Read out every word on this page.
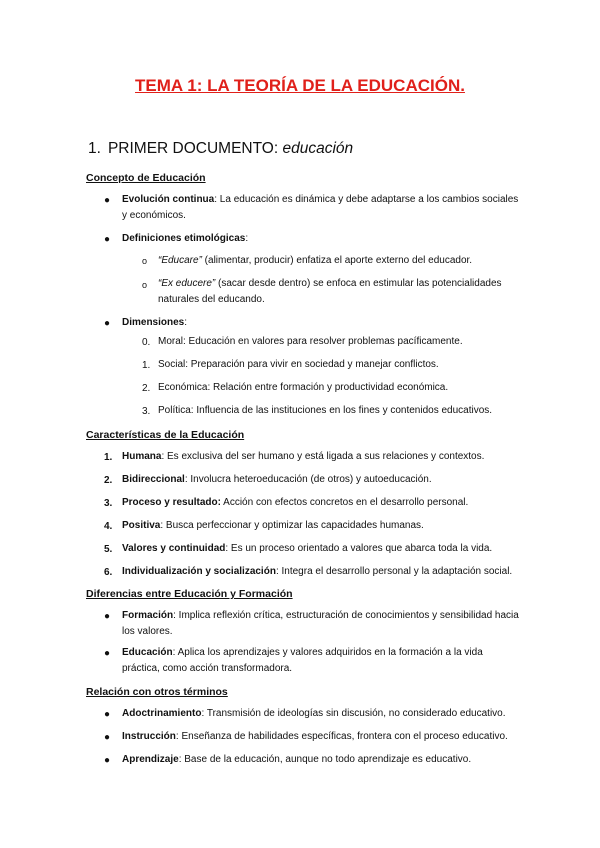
TEMA 1: LA TEORÍA DE LA EDUCACIÓN.
1. PRIMER DOCUMENTO: educación
Concepto de Educación
● Evolución continua: La educación es dinámica y debe adaptarse a los cambios sociales y económicos.
● Definiciones etimológicas:
o “Educare” (alimentar, producir) enfatiza el aporte externo del educador.
o “Ex educere” (sacar desde dentro) se enfoca en estimular las potencialidades naturales del educando.
● Dimensiones:
0. Moral: Educación en valores para resolver problemas pacíficamente.
1. Social: Preparación para vivir en sociedad y manejar conflictos.
2. Económica: Relación entre formación y productividad económica.
3. Política: Influencia de las instituciones en los fines y contenidos educativos.
Características de la Educación
1. Humana: Es exclusiva del ser humano y está ligada a sus relaciones y contextos.
2. Bidireccional: Involucra heteroeducación (de otros) y autoeducación.
3. Proceso y resultado: Acción con efectos concretos en el desarrollo personal.
4. Positiva: Busca perfeccionar y optimizar las capacidades humanas.
5. Valores y continuidad: Es un proceso orientado a valores que abarca toda la vida.
6. Individualización y socialización: Integra el desarrollo personal y la adaptación social.
Diferencias entre Educación y Formación
● Formación: Implica reflexión crítica, estructuración de conocimientos y sensibilidad hacia los valores.
● Educación: Aplica los aprendizajes y valores adquiridos en la formación a la vida práctica, como acción transformadora.
Relación con otros términos
● Adoctrinamiento: Transmisión de ideologías sin discusión, no considerado educativo.
● Instrucción: Enseñanza de habilidades específicas, frontera con el proceso educativo.
● Aprendizaje: Base de la educación, aunque no todo aprendizaje es educativo.
